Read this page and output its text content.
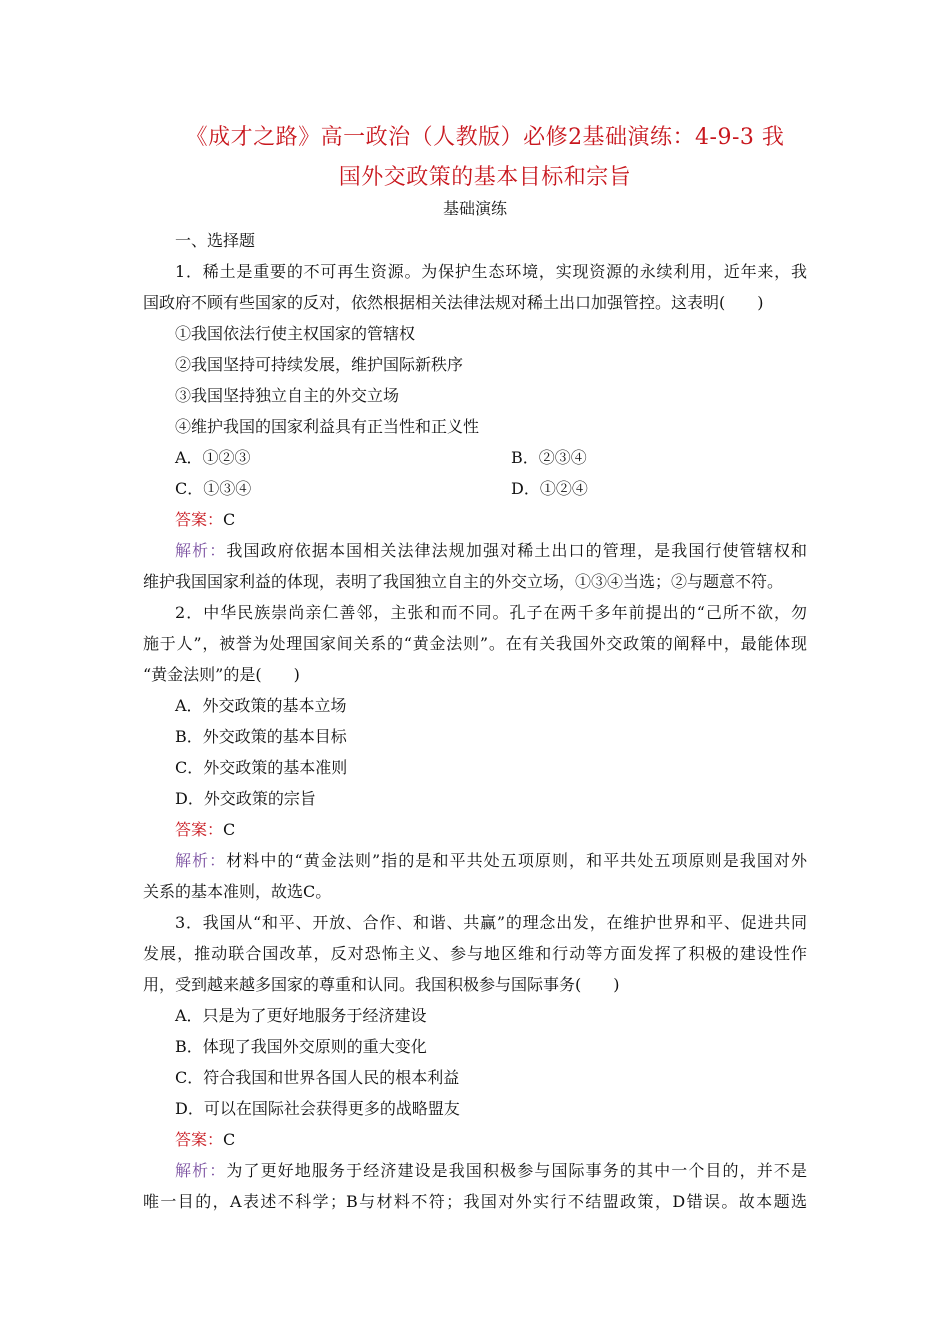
《成才之路》高一政治（人教版）必修2基础演练：4-9-3 我
国外交政策的基本目标和宗旨
基础演练
一、选择题
1．稀土是重要的不可再生资源。为保护生态环境，实现资源的永续利用，近年来，我
国政府不顾有些国家的反对，依然根据相关法律法规对稀土出口加强管控。这表明(　　)
①我国依法行使主权国家的管辖权
②我国坚持可持续发展，维护国际新秩序
③我国坚持独立自主的外交立场
④维护我国的国家利益具有正当性和正义性
A．①②③	B．②③④
C．①③④	D．①②④
答案：C
解析：我国政府依据本国相关法律法规加强对稀土出口的管理，是我国行使管辖权和
维护我国国家利益的体现，表明了我国独立自主的外交立场，①③④当选；②与题意不符。
2．中华民族崇尚亲仁善邻，主张和而不同。孔子在两千多年前提出的“己所不欲，勿
施于人”，被誉为处理国家间关系的“黄金法则”。在有关我国外交政策的阐释中，最能体现
“黄金法则”的是(　　)
A．外交政策的基本立场
B．外交政策的基本目标
C．外交政策的基本准则
D．外交政策的宗旨
答案：C
解析：材料中的“黄金法则”指的是和平共处五项原则，和平共处五项原则是我国对外
关系的基本准则，故选C。
3．我国从“和平、开放、合作、和谐、共赢”的理念出发，在维护世界和平、促进共同
发展，推动联合国改革，反对恐怖主义、参与地区维和行动等方面发挥了积极的建设性作
用，受到越来越多国家的尊重和认同。我国积极参与国际事务(　　)
A．只是为了更好地服务于经济建设
B．体现了我国外交原则的重大变化
C．符合我国和世界各国人民的根本利益
D．可以在国际社会获得更多的战略盟友
答案：C
解析：为了更好地服务于经济建设是我国积极参与国际事务的其中一个目的，并不是
唯一目的，A表述不科学；B与材料不符；我国对外实行不结盟政策，D错误。故本题选
